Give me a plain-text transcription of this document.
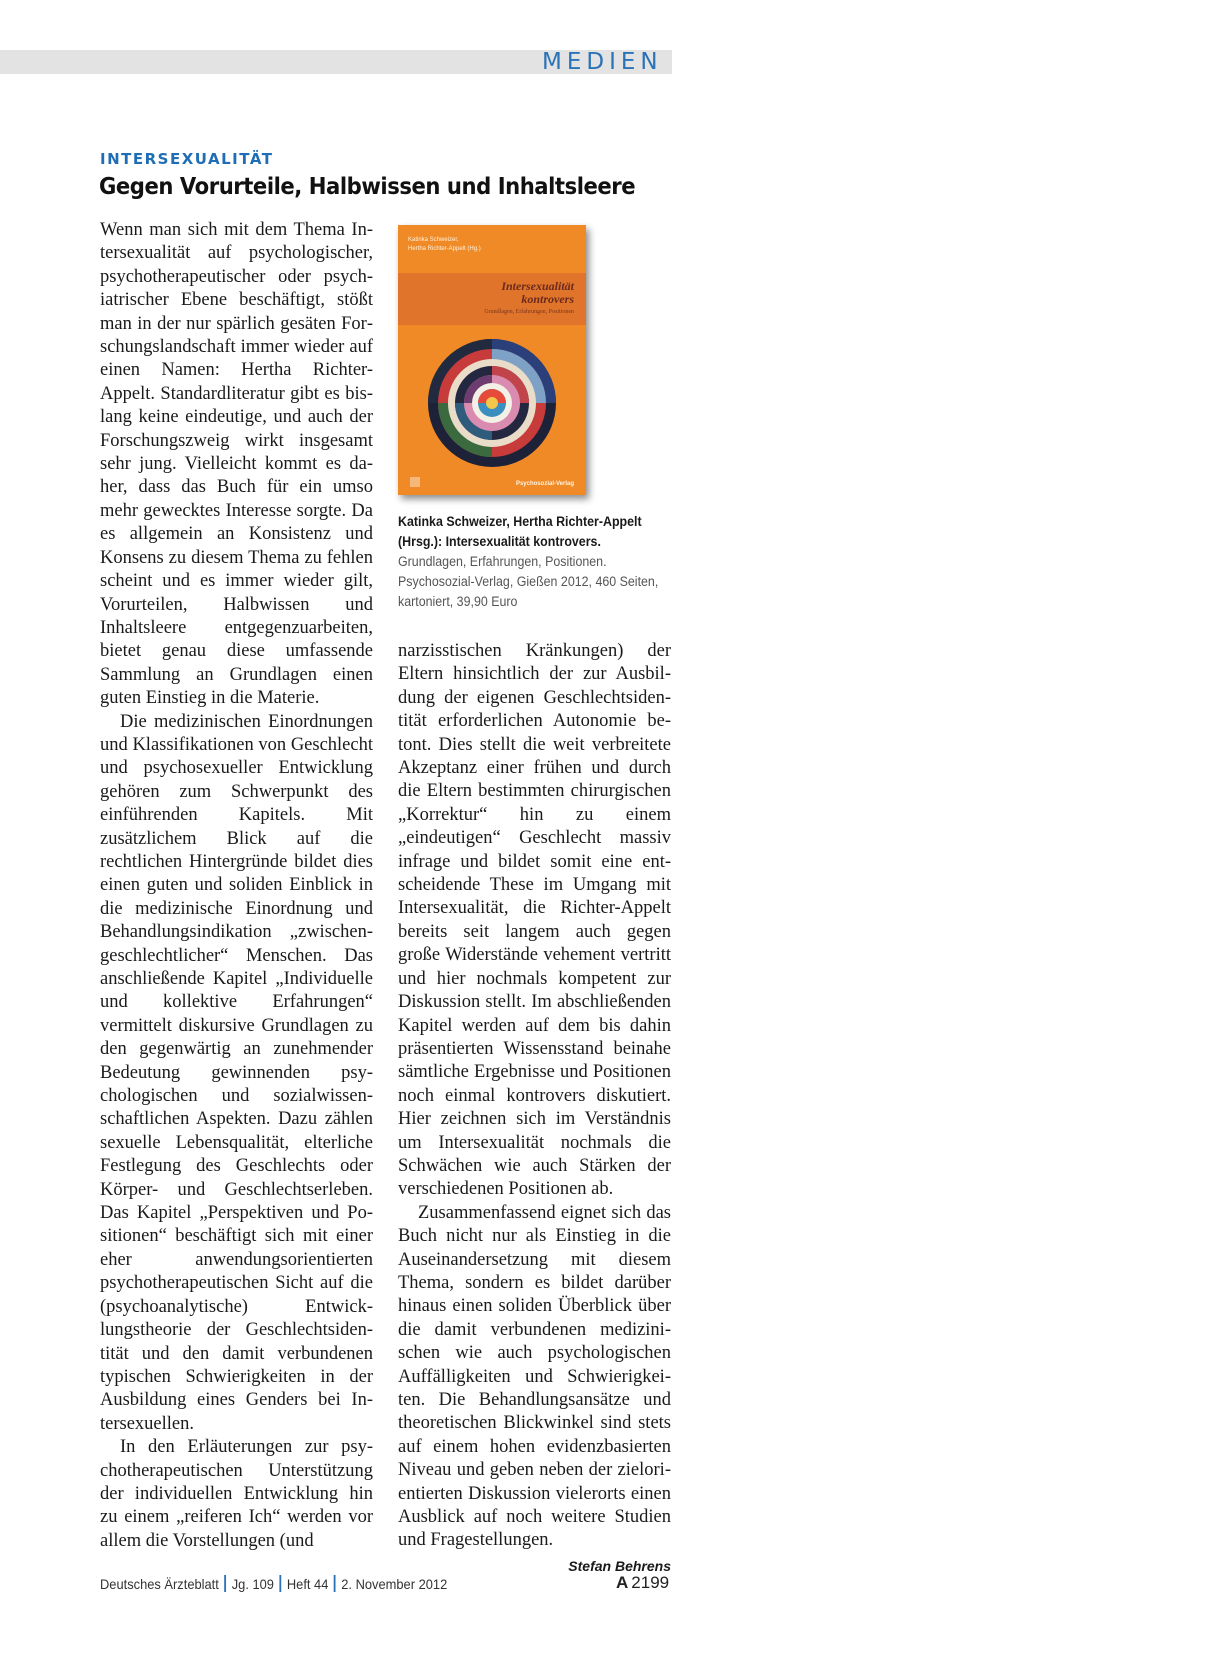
MEDIEN
INTERSEXUALITÄT
Gegen Vorurteile, Halbwissen und Inhaltsleere

Wenn man sich mit dem Thema Intersexualität auf psychologischer, psychotherapeutischer oder psychiatrischer Ebene beschäftigt, stößt man in der nur spärlich gesäten Forschungslandschaft immer wieder auf einen Namen: Hertha Richter-Appelt. Standardliteratur gibt es bislang keine eindeutige, und auch der Forschungszweig wirkt insgesamt sehr jung. Vielleicht kommt es daher, dass das Buch für ein umso mehr gewecktes Interesse sorgte. Da es allgemein an Konsistenz und Konsens zu diesem Thema zu fehlen scheint und es immer wieder gilt, Vorurteilen, Halbwissen und Inhaltsleere entgegenzuarbeiten, bietet genau diese umfassende Sammlung an Grundlagen einen guten Einstieg in die Materie.

Die medizinischen Einordnungen und Klassifikationen von Geschlecht und psychosexueller Entwicklung gehören zum Schwerpunkt des einführenden Kapitels. Mit zusätzlichem Blick auf die rechtlichen Hintergründe bildet dies einen guten und soliden Einblick in die medizinische Einordnung und Behandlungsindikation „zwischengeschlechtlicher“ Menschen. Das anschließende Kapitel „Individuelle und kollektive Erfahrungen“ vermittelt diskursive Grundlagen zu den gegenwärtig an zunehmender Bedeutung gewinnenden psychologischen und sozialwissenschaftlichen Aspekten. Dazu zählen sexuelle Lebensqualität, elterliche Festlegung des Geschlechts oder Körper- und Geschlechtserleben. Das Kapitel „Perspektiven und Positionen“ beschäftigt sich mit einer eher anwendungsorientierten psychotherapeutischen Sicht auf die (psychoanalytische) Entwicklungstheorie der Geschlechtsidentität und den damit verbundenen typischen Schwierigkeiten in der Ausbildung eines Genders bei Intersexuellen.

In den Erläuterungen zur psychotherapeutischen Unterstützung der individuellen Entwicklung hin zu einem „reiferen Ich“ werden vor allem die Vorstellungen (und

Katinka Schweizer,
Hertha Richter-Appelt (Hg.)
Intersexualität
kontrovers
Grundlagen, Erfahrungen, Positionen
Psychosozial-Verlag
Katinka Schweizer, Hertha Richter-Appelt (Hrsg.): Intersexualität kontrovers. Grundlagen, Erfahrungen, Positionen. Psychosozial-Verlag, Gießen 2012, 460 Seiten, kartoniert, 39,90 Euro

narzisstischen Kränkungen) der Eltern hinsichtlich der zur Ausbildung der eigenen Geschlechtsidentität erforderlichen Autonomie betont. Dies stellt die weit verbreitete Akzeptanz einer frühen und durch die Eltern bestimmten chirurgischen „Korrektur“ hin zu einem „eindeutigen“ Geschlecht massiv infrage und bildet somit eine entscheidende These im Umgang mit Intersexualität, die Richter-Appelt bereits seit langem auch gegen große Widerstände vehement vertritt und hier nochmals kompetent zur Diskussion stellt. Im abschließenden Kapitel werden auf dem bis dahin präsentierten Wissensstand beinahe sämtliche Ergebnisse und Positionen noch einmal kontrovers diskutiert. Hier zeichnen sich im Verständnis um Intersexualität nochmals die Schwächen wie auch Stärken der verschiedenen Positionen ab.

Zusammenfassend eignet sich das Buch nicht nur als Einstieg in die Auseinandersetzung mit diesem Thema, sondern es bildet darüber hinaus einen soliden Überblick über die damit verbundenen medizinischen wie auch psychologischen Auffälligkeiten und Schwierigkeiten. Die Behandlungsansätze und theoretischen Blickwinkel sind stets auf einem hohen evidenzbasierten Niveau und geben neben der zielorientierten Diskussion vielerorts einen Ausblick auf noch weitere Studien und Fragestellungen.
Stefan Behrens

Deutsches Ärzteblatt Jg. 109 Heft 44 2. November 2012	A 2199
